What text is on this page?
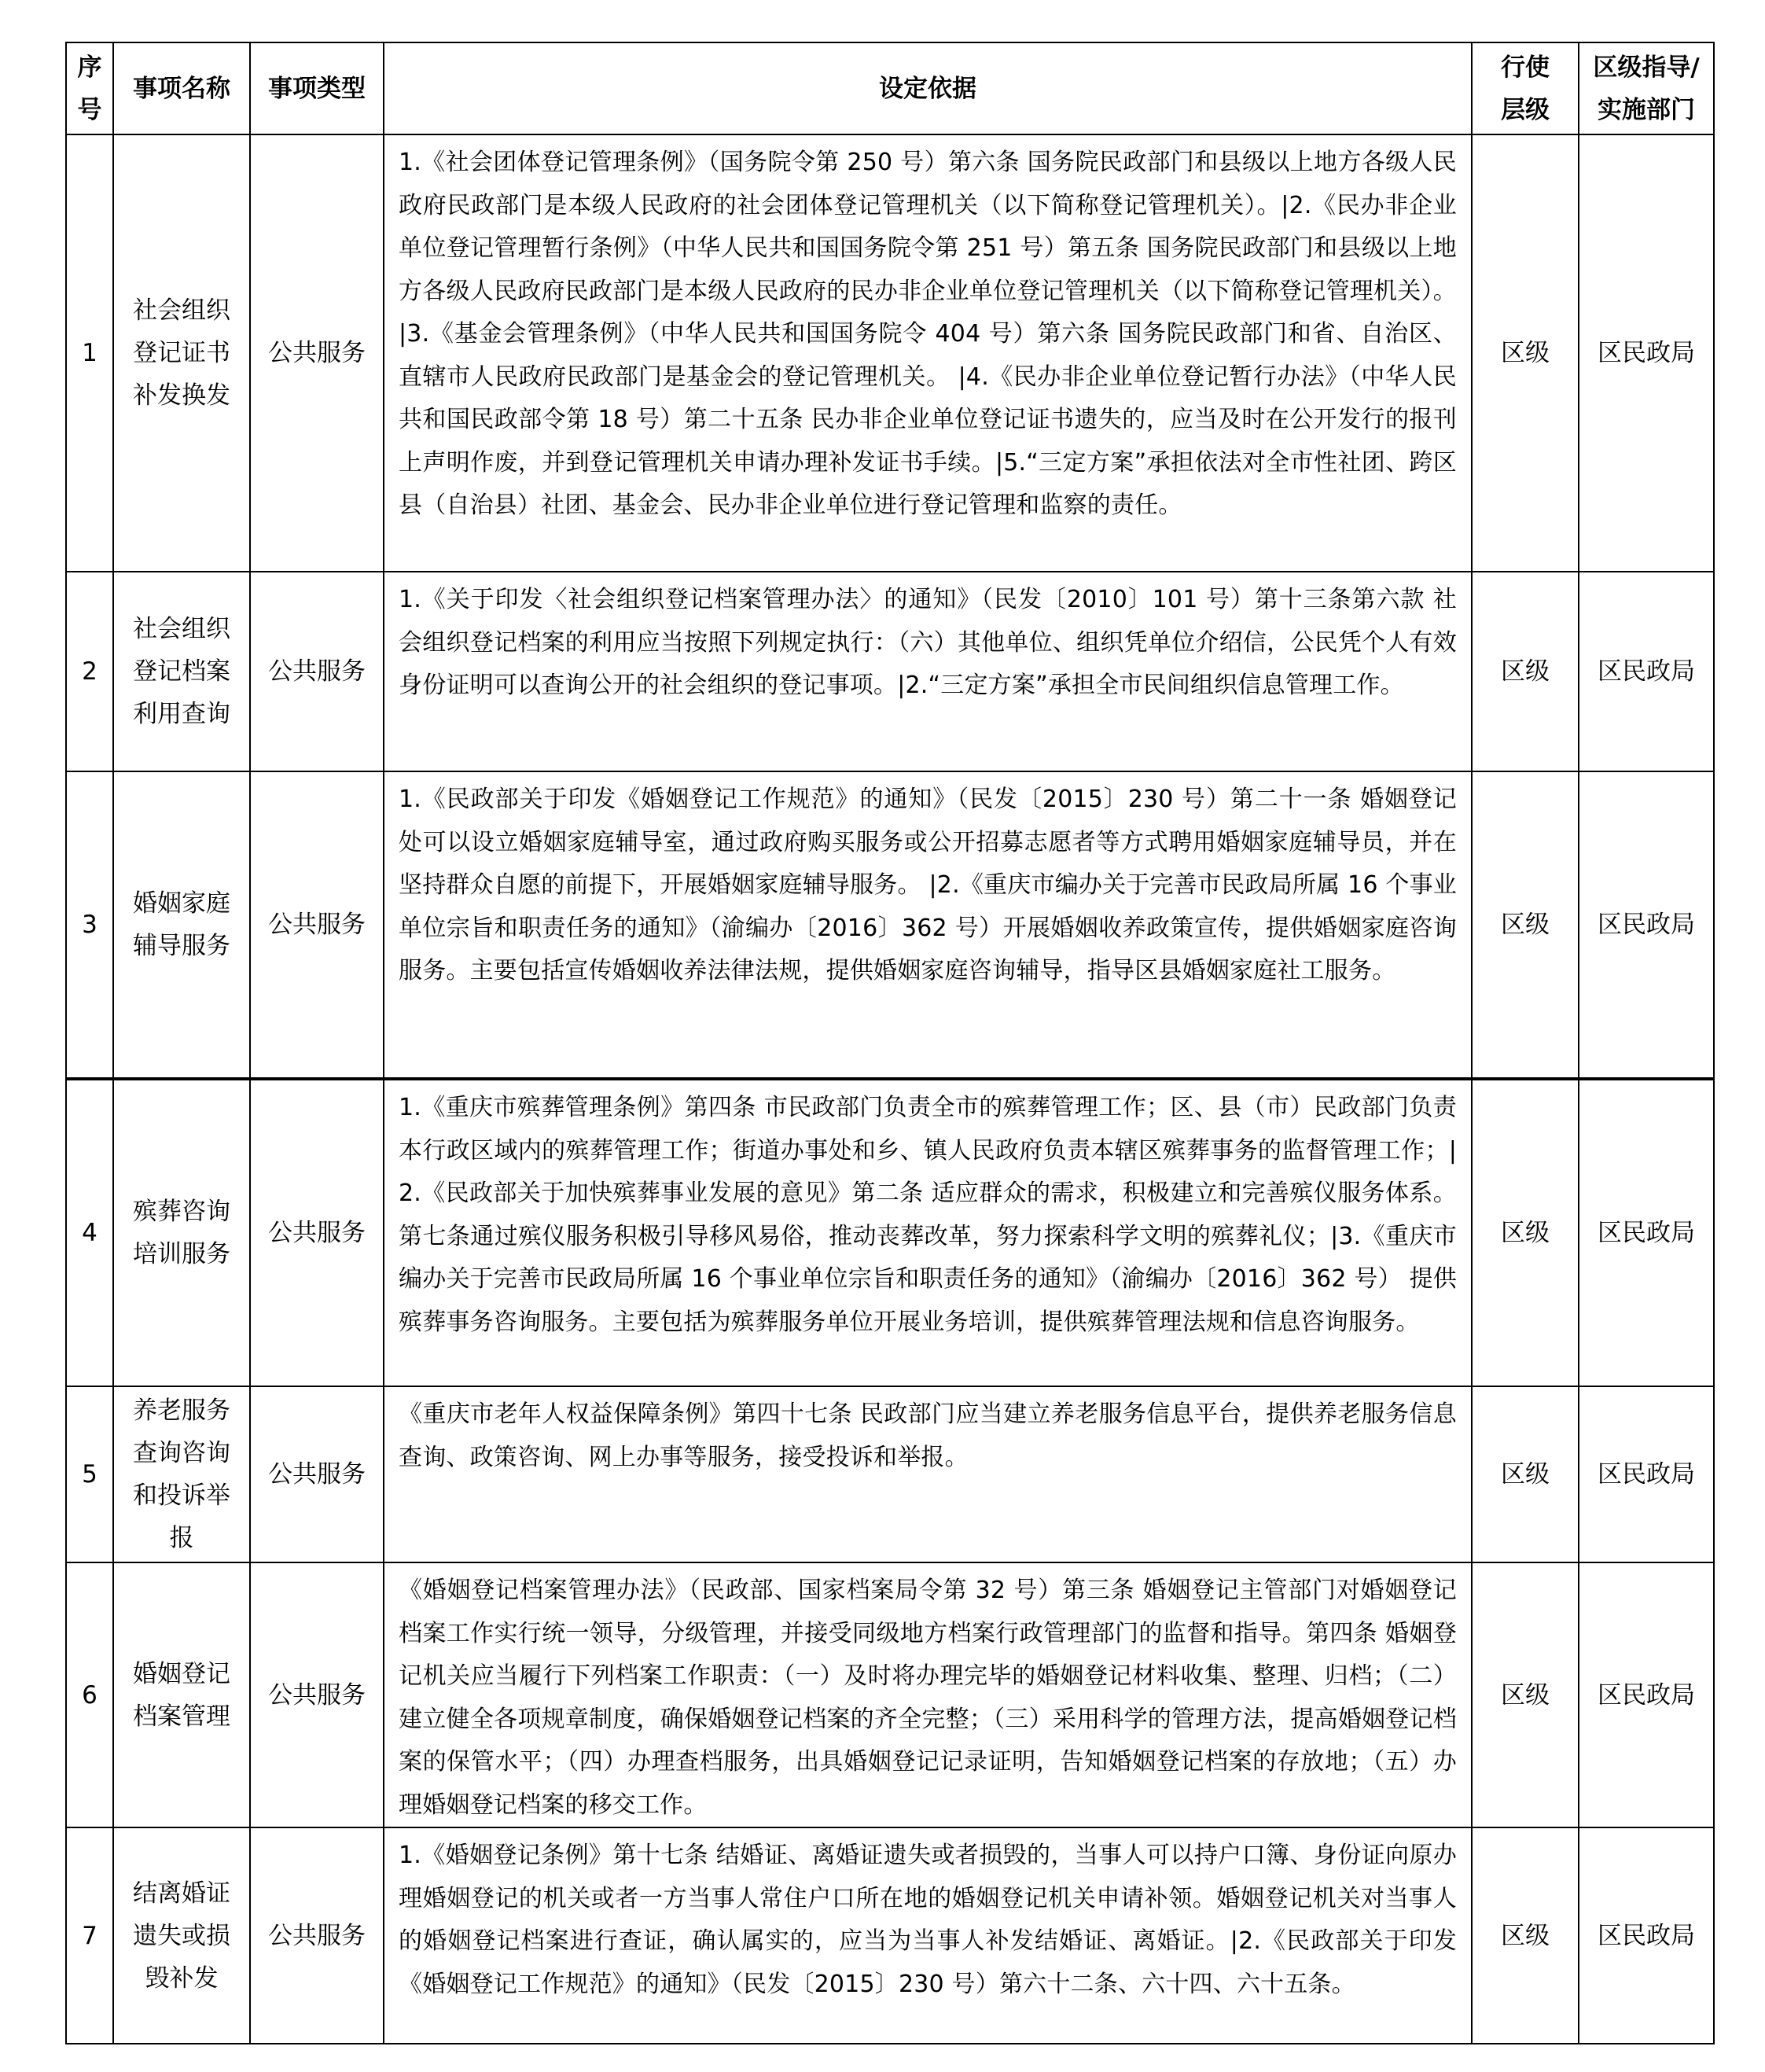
序号	事项名称	事项类型	设定依据	行使层级	区级指导/实施部门
1	社会组织登记证书补发换发	公共服务	1.《社会团体登记管理条例》（国务院令第 250 号）第六条 国务院民政部门和县级以上地方各级人民政府民政部门是本级人民政府的社会团体登记管理机关（以下简称登记管理机关）。|2.《民办非企业单位登记管理暂行条例》（中华人民共和国国务院令第 251 号）第五条 国务院民政部门和县级以上地方各级人民政府民政部门是本级人民政府的民办非企业单位登记管理机关（以下简称登记管理机关）。|3.《基金会管理条例》（中华人民共和国国务院令 404 号）第六条 国务院民政部门和省、自治区、直辖市人民政府民政部门是基金会的登记管理机关。 |4.《民办非企业单位登记暂行办法》（中华人民共和国民政部令第 18 号）第二十五条 民办非企业单位登记证书遗失的，应当及时在公开发行的报刊上声明作废，并到登记管理机关申请办理补发证书手续。|5.“三定方案”承担依法对全市性社团、跨区县（自治县）社团、基金会、民办非企业单位进行登记管理和监察的责任。	区级	区民政局
2	社会组织登记档案利用查询	公共服务	1.《关于印发〈社会组织登记档案管理办法〉的通知》（民发〔2010〕101 号）第十三条第六款 社会组织登记档案的利用应当按照下列规定执行：（六）其他单位、组织凭单位介绍信，公民凭个人有效身份证明可以查询公开的社会组织的登记事项。|2.“三定方案”承担全市民间组织信息管理工作。	区级	区民政局
3	婚姻家庭辅导服务	公共服务	1.《民政部关于印发《婚姻登记工作规范》的通知》（民发〔2015〕230 号）第二十一条 婚姻登记处可以设立婚姻家庭辅导室，通过政府购买服务或公开招募志愿者等方式聘用婚姻家庭辅导员，并在坚持群众自愿的前提下，开展婚姻家庭辅导服务。 |2.《重庆市编办关于完善市民政局所属 16 个事业单位宗旨和职责任务的通知》（渝编办〔2016〕362 号）开展婚姻收养政策宣传，提供婚姻家庭咨询服务。主要包括宣传婚姻收养法律法规，提供婚姻家庭咨询辅导，指导区县婚姻家庭社工服务。	区级	区民政局
4	殡葬咨询培训服务	公共服务	1.《重庆市殡葬管理条例》第四条 市民政部门负责全市的殡葬管理工作；区、县（市）民政部门负责本行政区域内的殡葬管理工作；街道办事处和乡、镇人民政府负责本辖区殡葬事务的监督管理工作；|2.《民政部关于加快殡葬事业发展的意见》第二条 适应群众的需求，积极建立和完善殡仪服务体系。第七条通过殡仪服务积极引导移风易俗，推动丧葬改革，努力探索科学文明的殡葬礼仪；|3.《重庆市编办关于完善市民政局所属 16 个事业单位宗旨和职责任务的通知》（渝编办〔2016〕362 号） 提供殡葬事务咨询服务。主要包括为殡葬服务单位开展业务培训，提供殡葬管理法规和信息咨询服务。	区级	区民政局
5	养老服务查询咨询和投诉举报	公共服务	《重庆市老年人权益保障条例》第四十七条 民政部门应当建立养老服务信息平台，提供养老服务信息查询、政策咨询、网上办事等服务，接受投诉和举报。	区级	区民政局
6	婚姻登记档案管理	公共服务	《婚姻登记档案管理办法》（民政部、国家档案局令第 32 号）第三条 婚姻登记主管部门对婚姻登记档案工作实行统一领导，分级管理，并接受同级地方档案行政管理部门的监督和指导。第四条 婚姻登记机关应当履行下列档案工作职责：（一）及时将办理完毕的婚姻登记材料收集、整理、归档；（二）建立健全各项规章制度，确保婚姻登记档案的齐全完整；（三）采用科学的管理方法，提高婚姻登记档案的保管水平；（四）办理查档服务，出具婚姻登记记录证明，告知婚姻登记档案的存放地；（五）办理婚姻登记档案的移交工作。	区级	区民政局
7	结离婚证遗失或损毁补发	公共服务	1.《婚姻登记条例》第十七条 结婚证、离婚证遗失或者损毁的，当事人可以持户口簿、身份证向原办理婚姻登记的机关或者一方当事人常住户口所在地的婚姻登记机关申请补领。婚姻登记机关对当事人的婚姻登记档案进行查证，确认属实的，应当为当事人补发结婚证、离婚证。|2.《民政部关于印发《婚姻登记工作规范》的通知》（民发〔2015〕230 号）第六十二条、六十四、六十五条。	区级	区民政局
